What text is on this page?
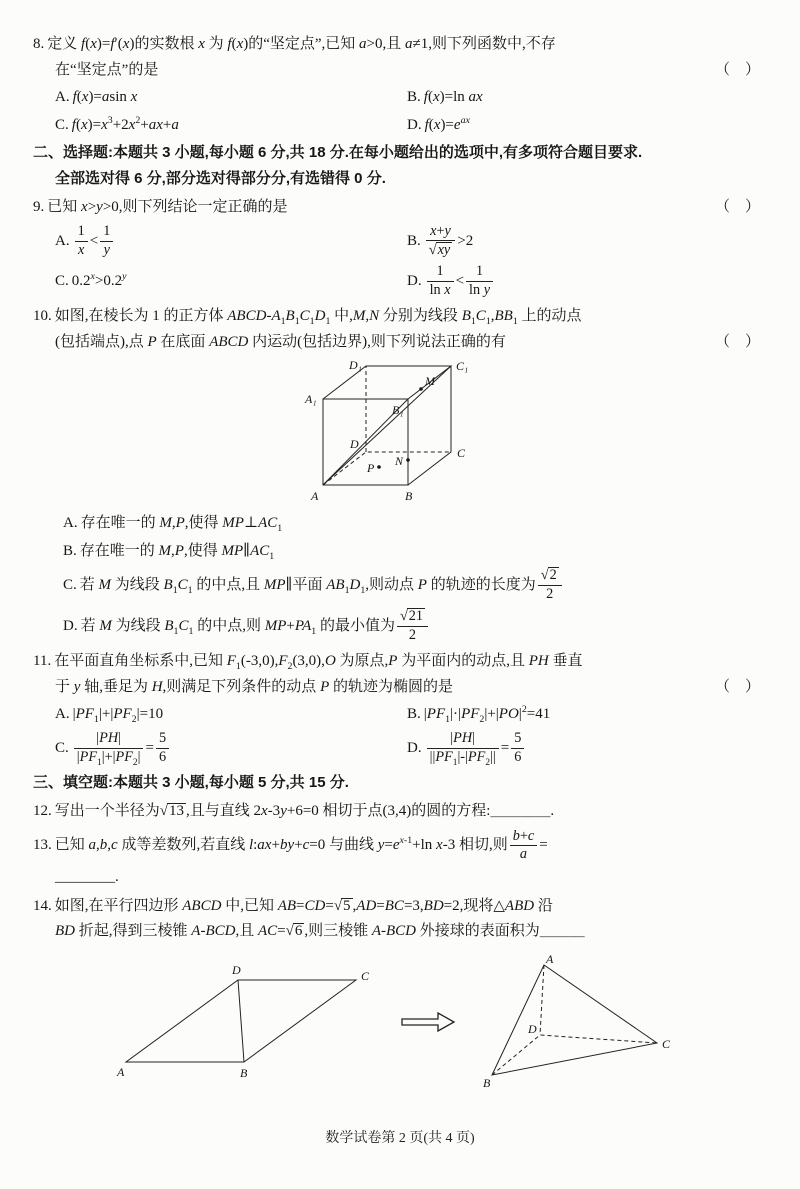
8. 定义 f(x)=f′(x)的实数根 x 为 f(x)的“坚定点”,已知 a>0,且 a≠1,则下列函数中,不存
在“坚定点”的是	（　）
A. f(x)=asin x	B. f(x)=ln ax
C. $f(x)=x^3+2x^2+ax+a$	D. $f(x)=e^{ax}$
二、选择题:本题共 3 小题,每小题 6 分,共 18 分.在每小题给出的选项中,有多项符合题目要求.
全部选对得 6 分,部分选对得部分分,有选错得 0 分.
9. 已知 x>y>0,则下列结论一定正确的是	（　）
A. $\frac{1}{x} < \frac{1}{y}$	B. $\frac{x+y}{√xy} >2$
C. $0.2^x>0.2^y$	D. $\frac{1}{\text{ln x}} < \frac{1}{\text{ln y}}$
10. 如图,在棱长为 1 的正方体 ABCD-$A_1B_1C_1D_1$ 中,M,N 分别为线段 $B_1C_1,BB_1$ 上的动点
(包括端点),点 P 在底面 ABCD 内运动(包括边界),则下列说法正确的有	（　）
A₁
D₁
B₁
C₁
M
N
P
A	B
C
D
A. 存在唯一的 M,P,使得 $MP\perp AC_1$
B. 存在唯一的 M,P,使得 $MP\parallel AC_1$
C. 若 M 为线段 $B_1C_1$ 的中点,且 MP∥平面 $AB_1D_1$,则动点 P 的轨迹的长度为 $\frac{√2}{2}$
D. 若 M 为线段 $B_1C_1$ 的中点,则 $MP+PA_1$ 的最小值为 $\frac{√21}{2}$
11. 在平面直角坐标系中,已知 $F_1(-3,0),F_2(3,0),O$ 为原点,P 为平面内的动点,且 PH 垂直
于 y 轴,垂足为 H,则满足下列条件的动点 P 的轨迹为椭圆的是	（　）
A. $|PF_1|+|PF_2|=10$	B. $|PF_1|\cdot|PF_2|+|PO|^2=41$
C. $\frac{|PH|}{|PF_1|+|PF_2|} = \frac{5}{6}$	D. $\frac{|PH|}{||PF_1|-|PF_2||} = \frac{5}{6}$
三、填空题:本题共 3 小题,每小题 5 分,共 15 分.
12. 写出一个半径为√13 ,且与直线 2x-3y+6=0 相切于点(3,4)的圆的方程:＿＿＿＿.
13. 已知 a,b,c 成等差数列,若直线 l:ax+by+c=0 与曲线 $y=e^{x-1}+\ln$ x-3 相切,则 $\frac{b+c}{a}$ =
________.
14. 如图,在平行四边形 ABCD 中,已知 AB=CD=√5 ,AD=BC=3,BD=2,现将△ABD 沿
BD 折起,得到三棱锥 A-BCD,且 AC=√6 ,则三棱锥 A-BCD 外接球的表面积为＿＿＿
A	B
C
D
A
B
C
D
数学试卷第 2 页(共 4 页)
